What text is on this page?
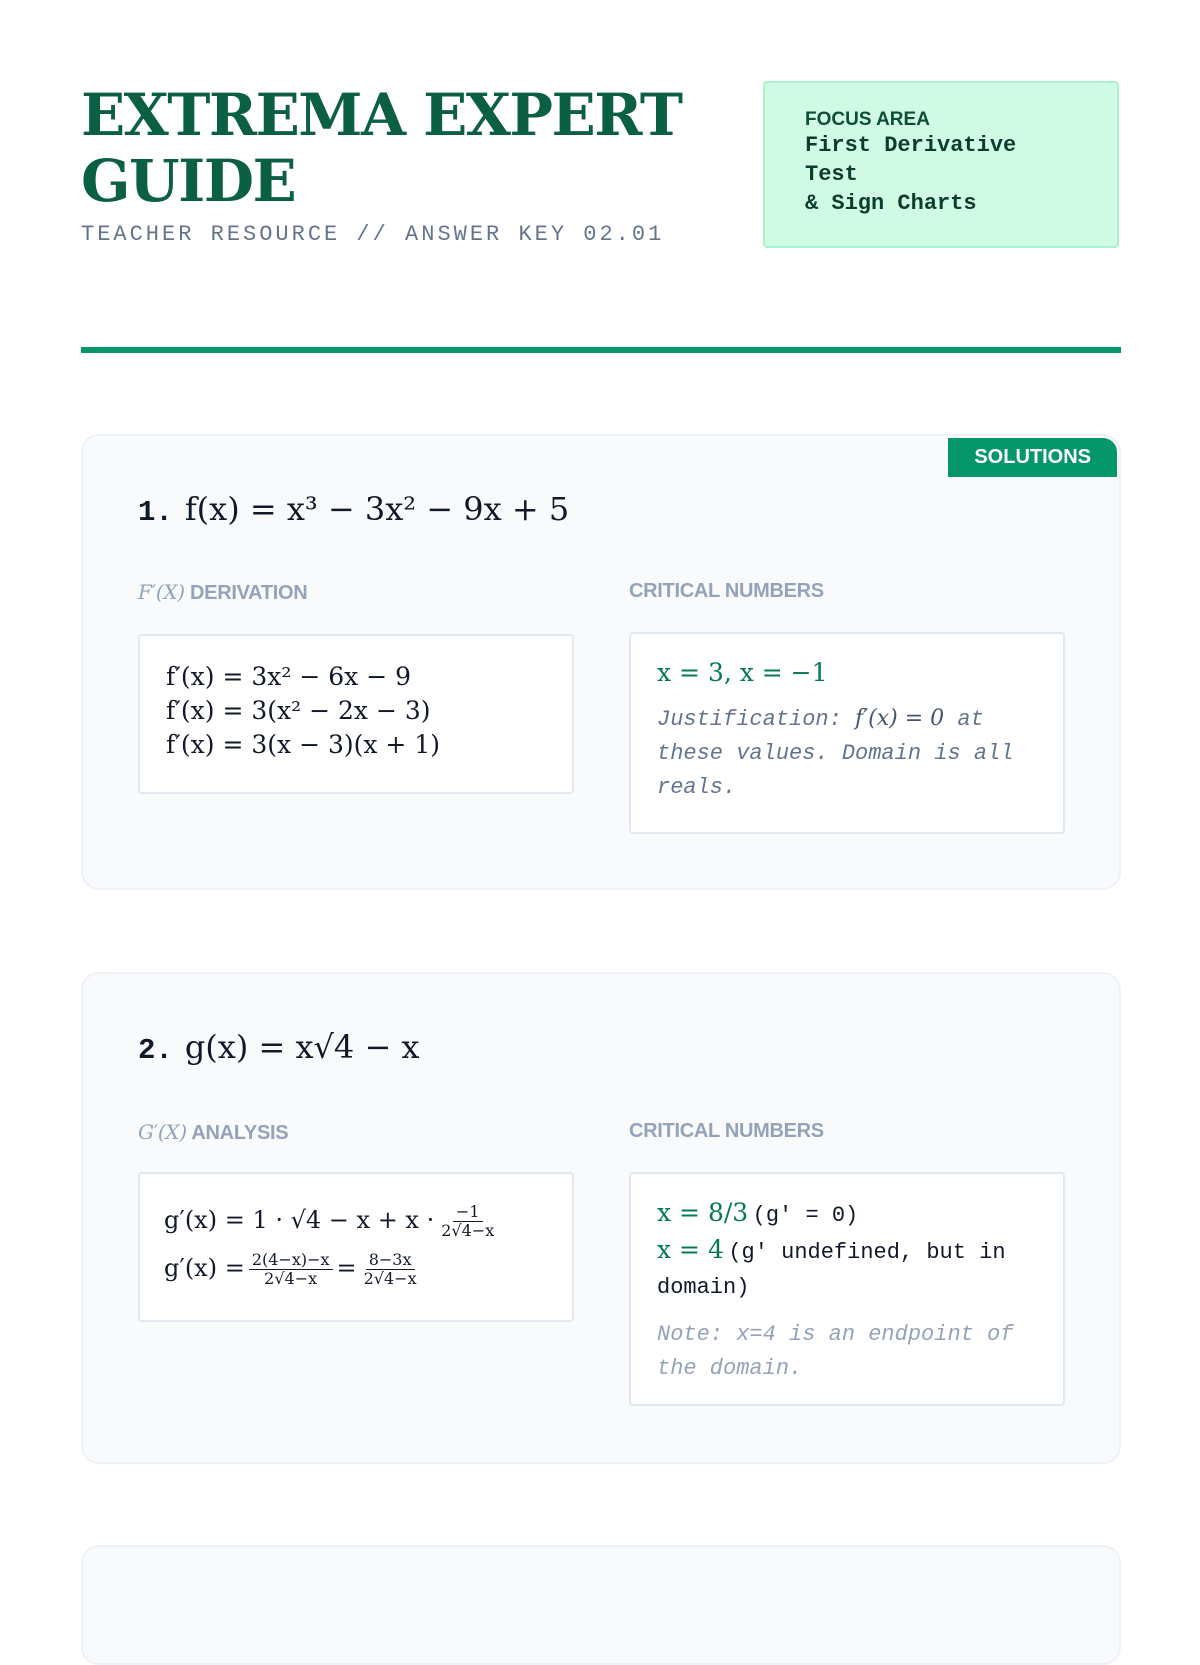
EXTREMA EXPERT GUIDE
TEACHER RESOURCE // ANSWER KEY 02.01
FOCUS AREA
First Derivative
Test
& Sign Charts
SOLUTIONS
1. f(x) = x³ − 3x² − 9x + 5
F′(X) DERIVATION	CRITICAL NUMBERS
f′(x) = 3x² − 6x − 9
f′(x) = 3(x² − 2x − 3)
f′(x) = 3(x − 3)(x + 1)
x = 3, x = −1
Justification: f′(x) = 0 at these values. Domain is all reals.
2. g(x) = x√4 − x
G′(X) ANALYSIS	CRITICAL NUMBERS
$g'(x) = 1 \cdot √4 - x + x \cdot \frac{-1}{2√4-x}$
$g'(x) = \frac{2(4-x)-x}{2√4-x} = \frac{8-3x}{2√4-x}$
x = 8/3 (g′ = 0)
x = 4 (g′ undefined, but in domain)
Note: x=4 is an endpoint of the domain.
